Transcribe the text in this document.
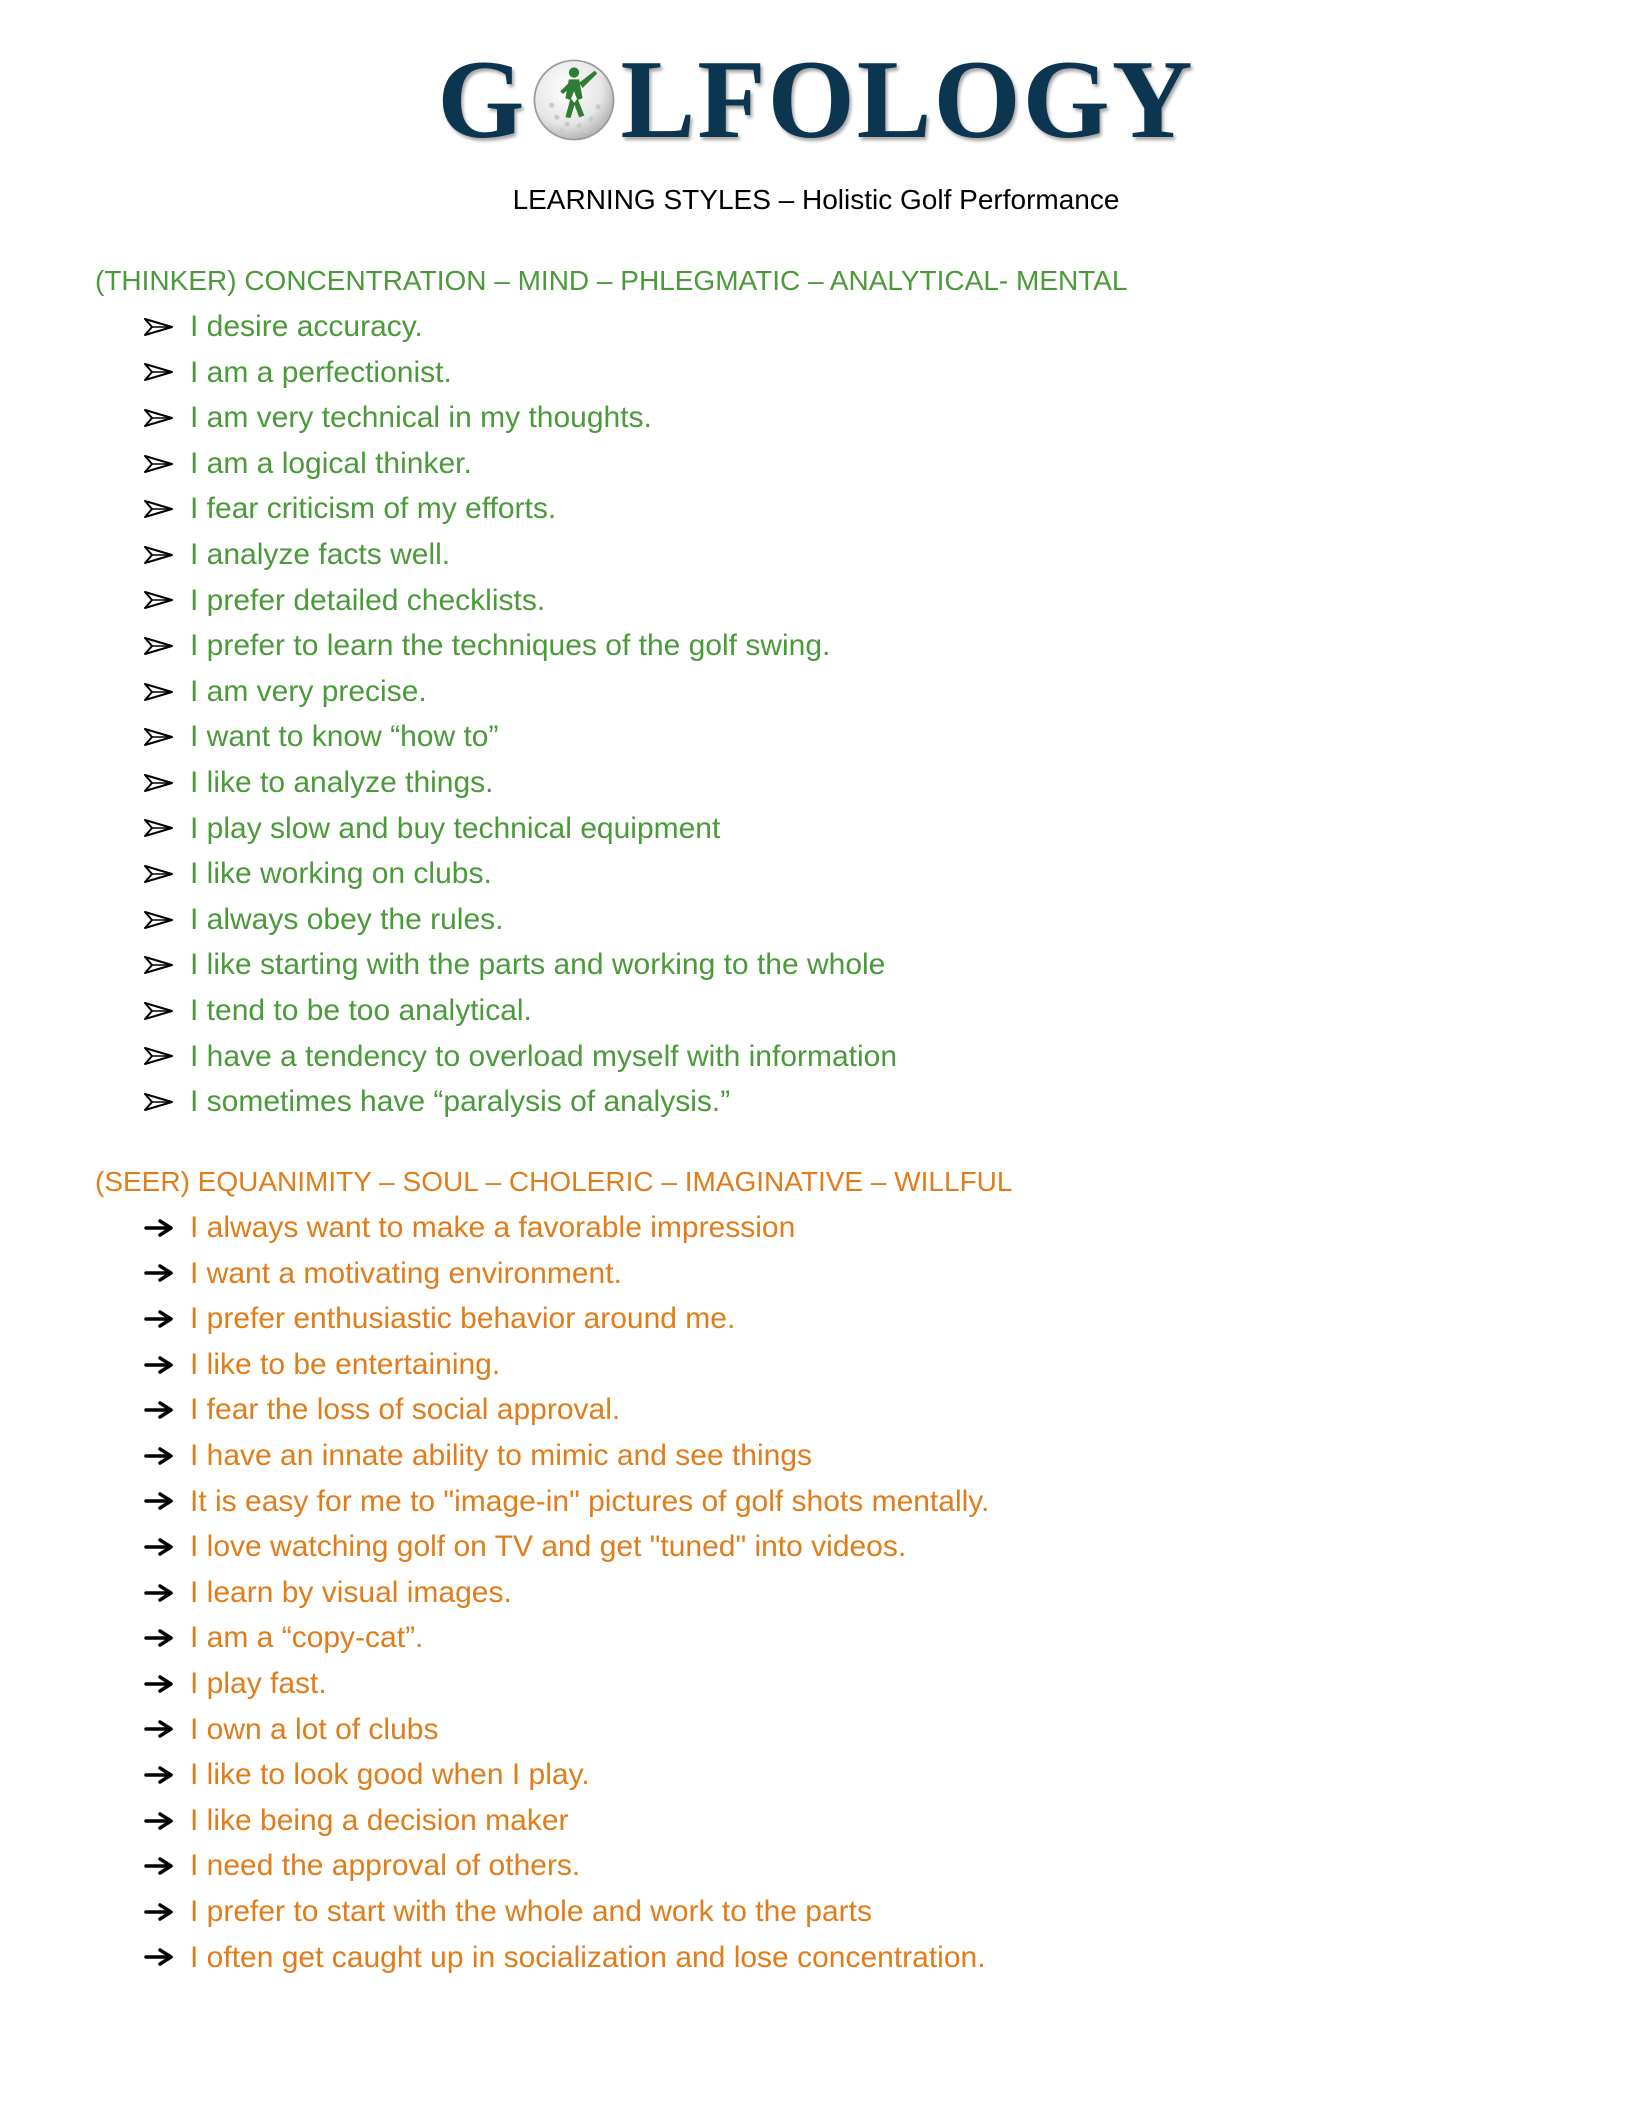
G LFOLOGY
LEARNING STYLES – Holistic Golf Performance
(THINKER) CONCENTRATION – MIND – PHLEGMATIC – ANALYTICAL- MENTAL
I desire accuracy.
I am a perfectionist.
I am very technical in my thoughts.
I am a logical thinker.
I fear criticism of my efforts.
I analyze facts well.
I prefer detailed checklists.
I prefer to learn the techniques of the golf swing.
I am very precise.
I want to know “how to”
I like to analyze things.
I play slow and buy technical equipment
I like working on clubs.
I always obey the rules.
I like starting with the parts and working to the whole
I tend to be too analytical.
I have a tendency to overload myself with information
I sometimes have “paralysis of analysis.”
(SEER) EQUANIMITY – SOUL – CHOLERIC – IMAGINATIVE – WILLFUL
I always want to make a favorable impression
I want a motivating environment.
I prefer enthusiastic behavior around me.
I like to be entertaining.
I fear the loss of social approval.
I have an innate ability to mimic and see things
It is easy for me to "image-in" pictures of golf shots mentally.
I love watching golf on TV and get "tuned" into videos.
I learn by visual images.
I am a “copy-cat”.
I play fast.
I own a lot of clubs
I like to look good when I play.
I like being a decision maker
I need the approval of others.
I prefer to start with the whole and work to the parts
I often get caught up in socialization and lose concentration.
